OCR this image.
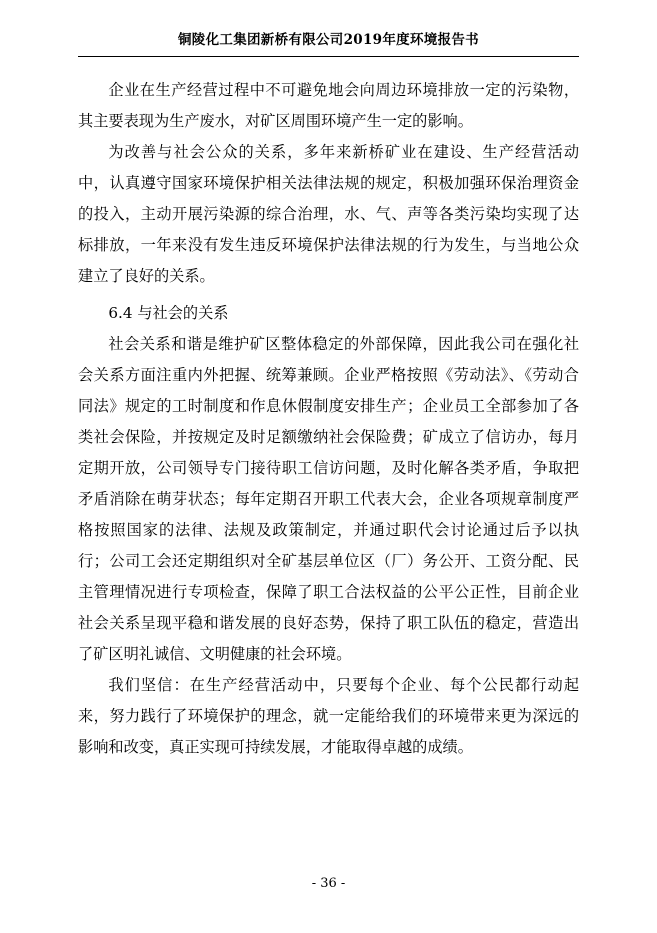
铜陵化工集团新桥有限公司2019年度环境报告书

企业在生产经营过程中不可避免地会向周边环境排放一定的污染物，其主要表现为生产废水，对矿区周围环境产生一定的影响。

为改善与社会公众的关系，多年来新桥矿业在建设、生产经营活动中，认真遵守国家环境保护相关法律法规的规定，积极加强环保治理资金的投入，主动开展污染源的综合治理，水、气、声等各类污染均实现了达标排放，一年来没有发生违反环境保护法律法规的行为发生，与当地公众建立了良好的关系。

6.4 与社会的关系

社会关系和谐是维护矿区整体稳定的外部保障，因此我公司在强化社会关系方面注重内外把握、统筹兼顾。企业严格按照《劳动法》、《劳动合同法》规定的工时制度和作息休假制度安排生产；企业员工全部参加了各类社会保险，并按规定及时足额缴纳社会保险费；矿成立了信访办，每月定期开放，公司领导专门接待职工信访问题，及时化解各类矛盾，争取把矛盾消除在萌芽状态；每年定期召开职工代表大会，企业各项规章制度严格按照国家的法律、法规及政策制定，并通过职代会讨论通过后予以执行；公司工会还定期组织对全矿基层单位区（厂）务公开、工资分配、民主管理情况进行专项检查，保障了职工合法权益的公平公正性，目前企业社会关系呈现平稳和谐发展的良好态势，保持了职工队伍的稳定，营造出了矿区明礼诚信、文明健康的社会环境。

我们坚信：在生产经营活动中，只要每个企业、每个公民都行动起来，努力践行了环境保护的理念，就一定能给我们的环境带来更为深远的影响和改变，真正实现可持续发展，才能取得卓越的成绩。

- 36 -
